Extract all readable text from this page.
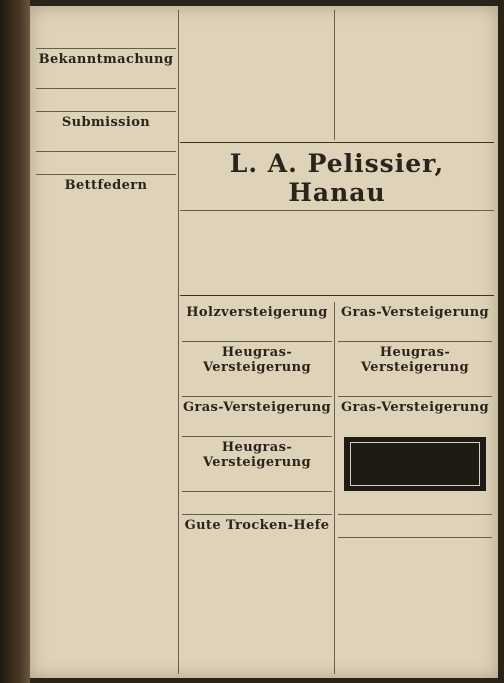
Bekanntmachung

Submission

Bettfedern

L. A. Pelissier, Hanau
Holzversteigerung

Heugras-Versteigerung

Gras-Versteigerung

Heugras-Versteigerung

Gute Trocken-Hefe

Gras-Versteigerung

Heugras-Versteigerung

Gras-Versteigerung
